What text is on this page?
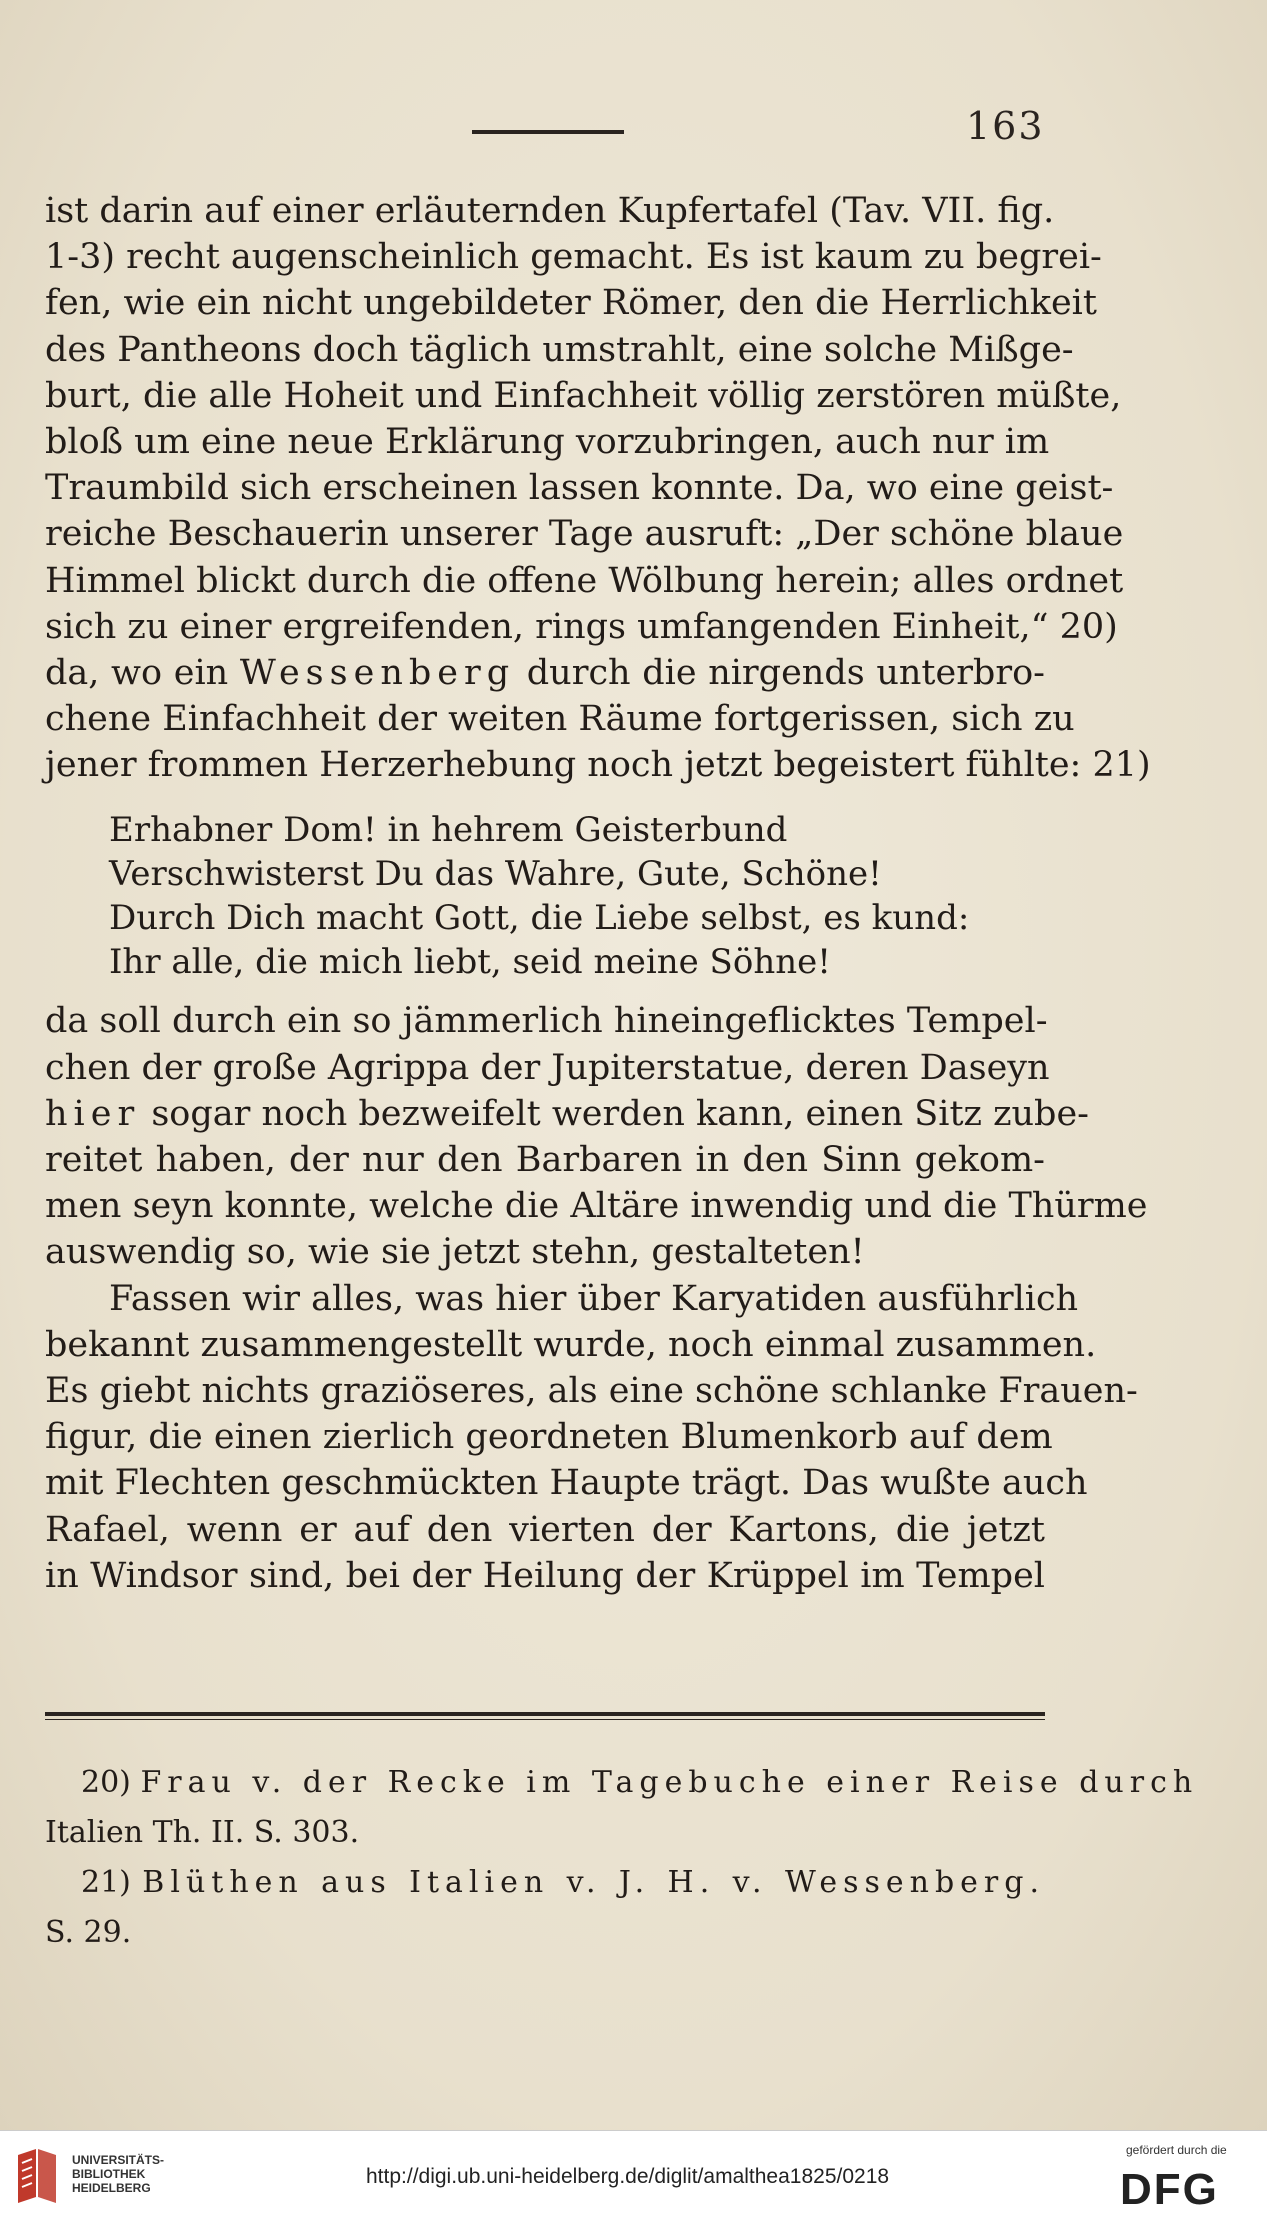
163
ist darin auf einer erläuternden Kupfertafel (Tav. VII. fig.
1-3) recht augenscheinlich gemacht. Es ist kaum zu begrei-
fen, wie ein nicht ungebildeter Römer, den die Herrlichkeit
des Pantheons doch täglich umstrahlt, eine solche Mißge-
burt, die alle Hoheit und Einfachheit völlig zerstören müßte,
bloß um eine neue Erklärung vorzubringen, auch nur im
Traumbild sich erscheinen lassen konnte. Da, wo eine geist-
reiche Beschauerin unserer Tage ausruft: „Der schöne blaue
Himmel blickt durch die offene Wölbung herein; alles ordnet
sich zu einer ergreifenden, rings umfangenden Einheit,“ 20)
da, wo ein Wessenberg durch die nirgends unterbro-
chene Einfachheit der weiten Räume fortgerissen, sich zu
jener frommen Herzerhebung noch jetzt begeistert fühlte: 21)
Erhabner Dom! in hehrem Geisterbund
Verschwisterst Du das Wahre, Gute, Schöne!
Durch Dich macht Gott, die Liebe selbst, es kund:
Ihr alle, die mich liebt, seid meine Söhne!
da soll durch ein so jämmerlich hineingeflicktes Tempel-
chen der große Agrippa der Jupiterstatue, deren Daseyn
hier sogar noch bezweifelt werden kann, einen Sitz zube-
reitet haben, der nur den Barbaren in den Sinn gekom-
men seyn konnte, welche die Altäre inwendig und die Thürme
auswendig so, wie sie jetzt stehn, gestalteten!
Fassen wir alles, was hier über Karyatiden ausführlich
bekannt zusammengestellt wurde, noch einmal zusammen.
Es giebt nichts graziöseres, als eine schöne schlanke Frauen-
figur, die einen zierlich geordneten Blumenkorb auf dem
mit Flechten geschmückten Haupte trägt. Das wußte auch
Rafael, wenn er auf den vierten der Kartons, die jetzt
in Windsor sind, bei der Heilung der Krüppel im Tempel
20) Frau v. der Recke im Tagebuche einer Reise durch
Italien Th. II. S. 303.
21) Blüthen aus Italien v. J. H. v. Wessenberg.
S. 29.
UNIVERSITÄTS-
BIBLIOTHEK
HEIDELBERG	http://digi.ub.uni-heidelberg.de/diglit/amalthea1825/0218
gefördert durch die
DFG
